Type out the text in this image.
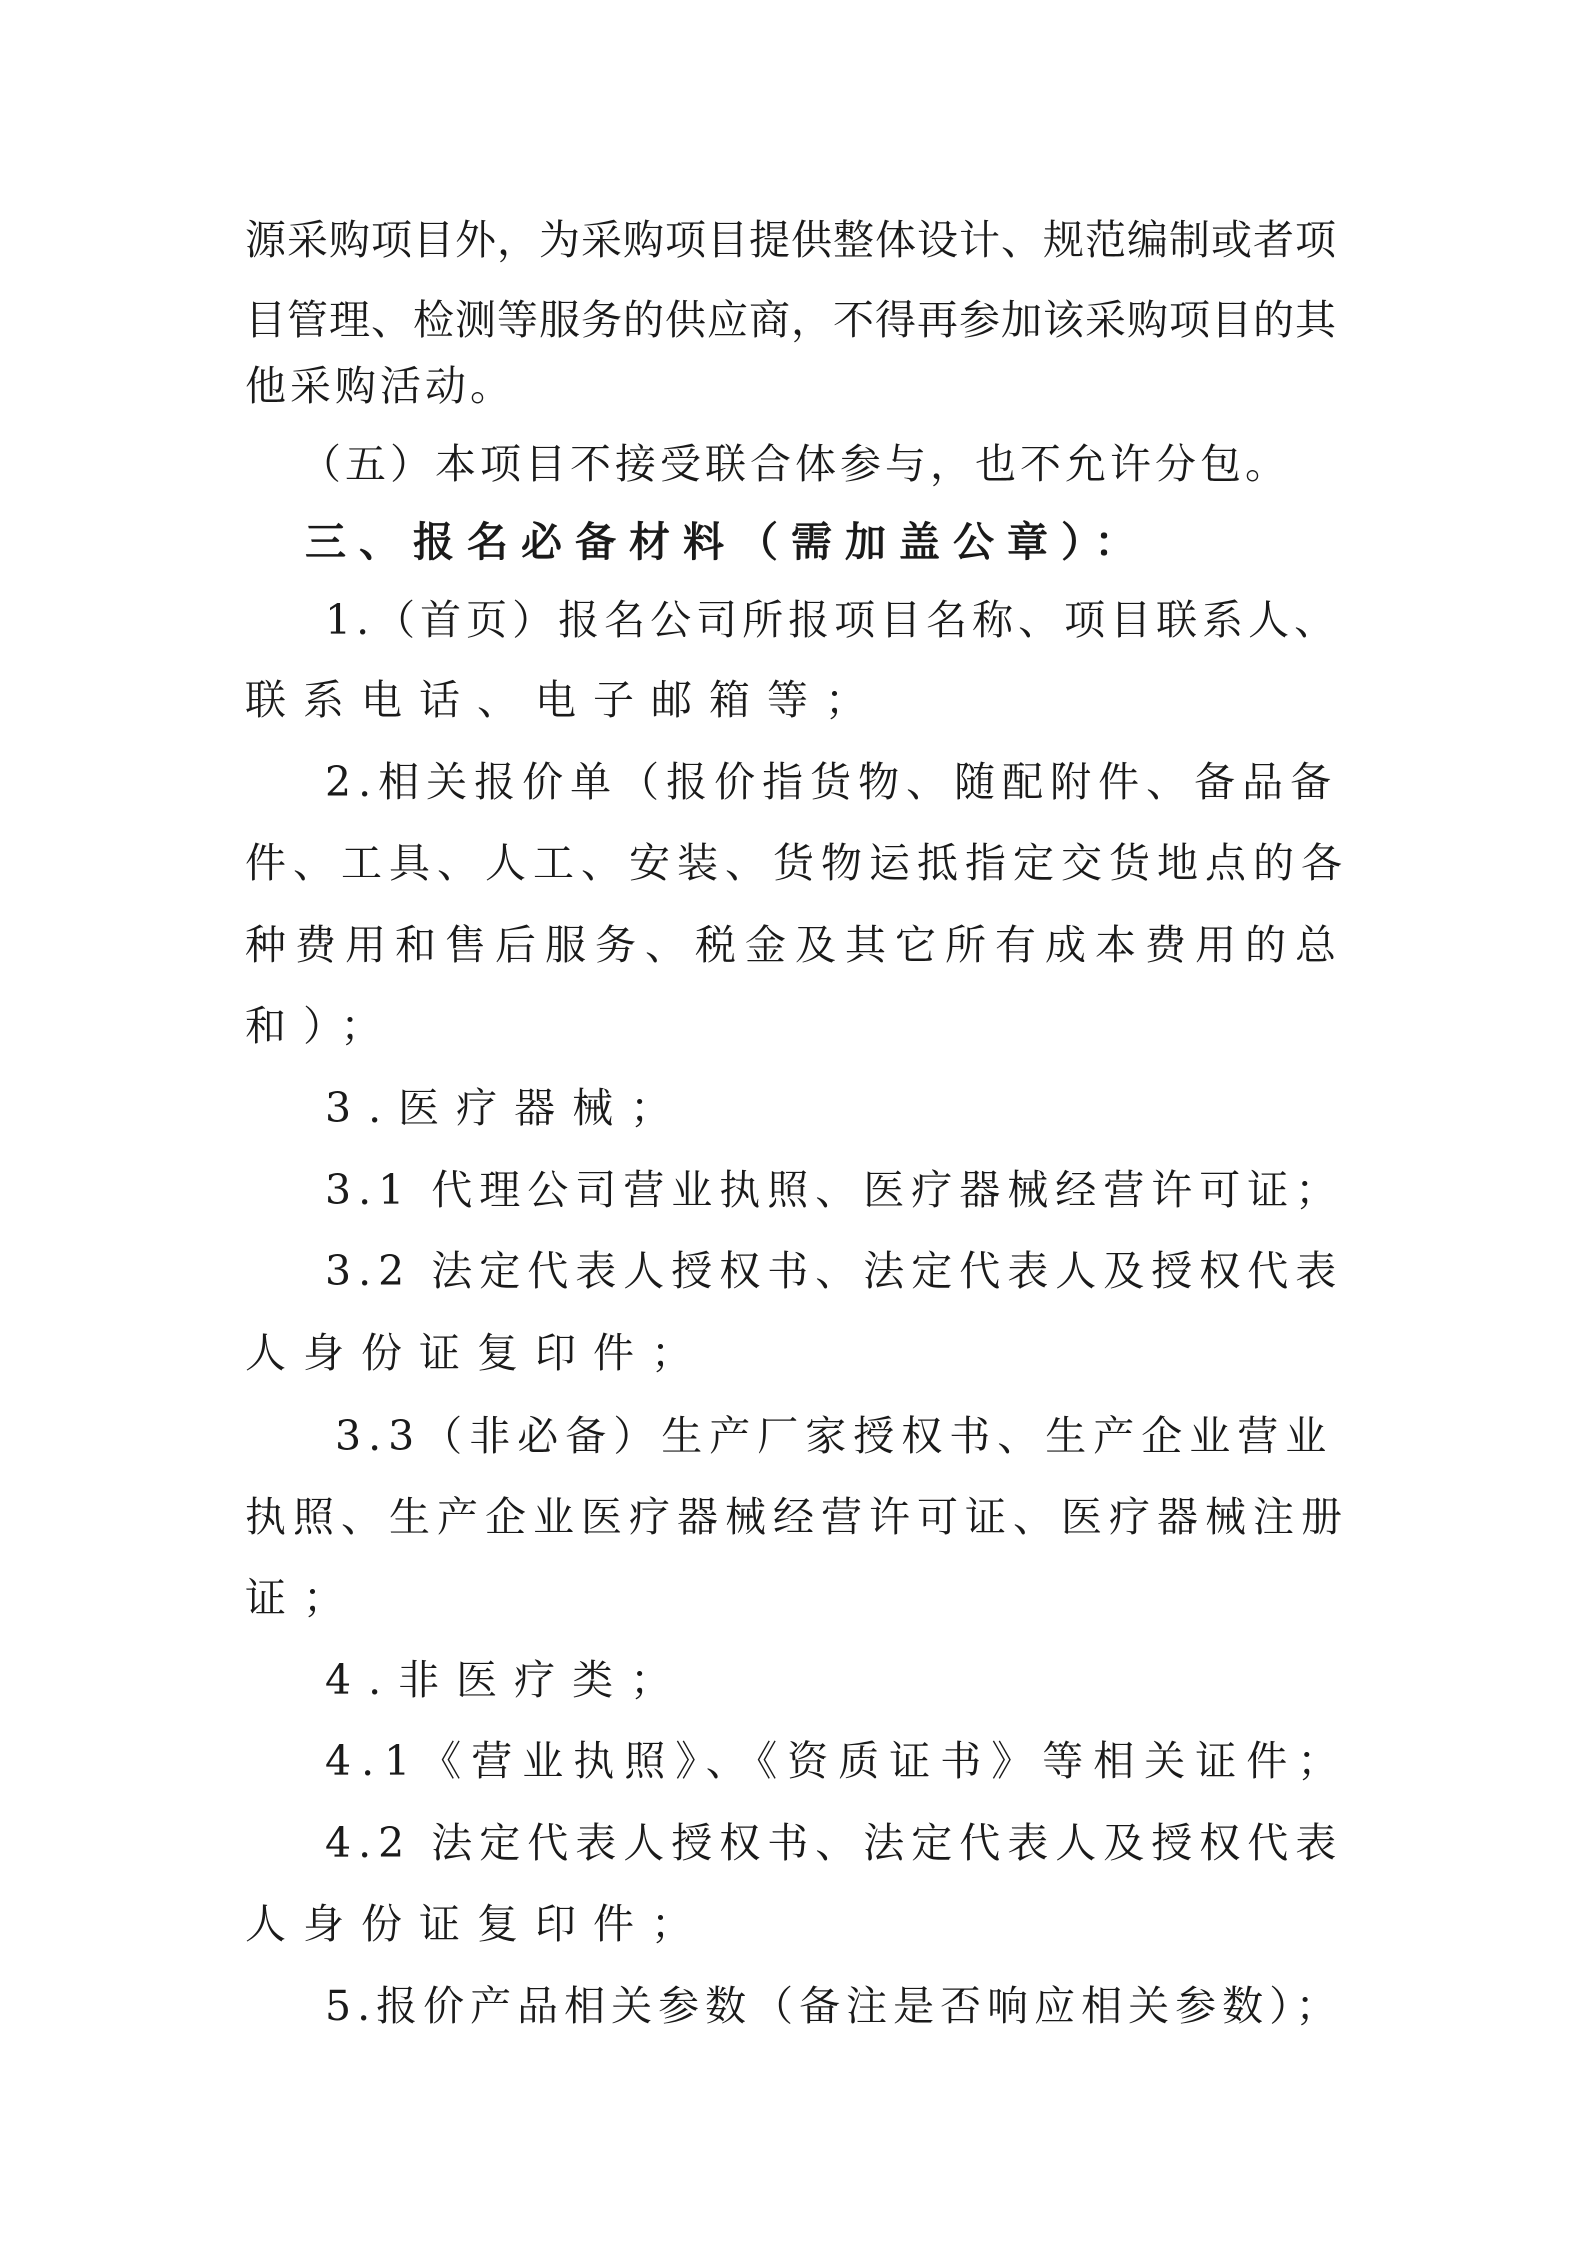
源采购项目外，为采购项目提供整体设计、规范编制或者项
目管理、检测等服务的供应商，不得再参加该采购项目的其
他采购活动。
（五）本项目不接受联合体参与，也不允许分包。
三、报名必备材料（需加盖公章）：
1.（首页）报名公司所报项目名称、项目联系人、
联系电话、电子邮箱等；
2.相关报价单（报价指货物、随配附件、备品备
件、工具、人工、安装、货物运抵指定交货地点的各
种费用和售后服务、税金及其它所有成本费用的总
和）；
3.医疗器械；
3.1 代理公司营业执照、医疗器械经营许可证；
3.2 法定代表人授权书、法定代表人及授权代表
人身份证复印件；
3.3（非必备）生产厂家授权书、生产企业营业
执照、生产企业医疗器械经营许可证、医疗器械注册
证；
4.非医疗类；
4.1《营业执照》、《资质证书》等相关证件；
4.2 法定代表人授权书、法定代表人及授权代表
人身份证复印件；
5.报价产品相关参数（备注是否响应相关参数）；
